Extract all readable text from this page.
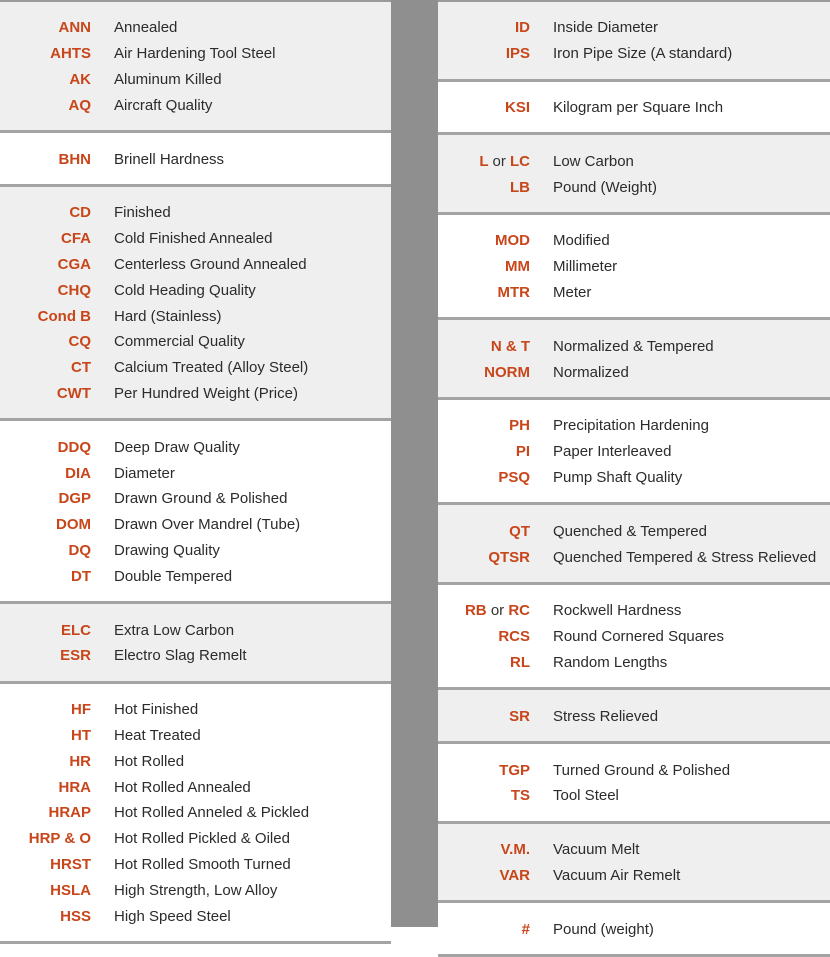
ANN Annealed
AHTS Air Hardening Tool Steel
AK Aluminum Killed
AQ Aircraft Quality
BHN Brinell Hardness
CD Finished
CFA Cold Finished Annealed
CGA Centerless Ground Annealed
CHQ Cold Heading Quality
Cond B Hard (Stainless)
CQ Commercial Quality
CT Calcium Treated (Alloy Steel)
CWT Per Hundred Weight (Price)
DDQ Deep Draw Quality
DIA Diameter
DGP Drawn Ground & Polished
DOM Drawn Over Mandrel (Tube)
DQ Drawing Quality
DT Double Tempered
ELC Extra Low Carbon
ESR Electro Slag Remelt
HF Hot Finished
HT Heat Treated
HR Hot Rolled
HRA Hot Rolled Annealed
HRAP Hot Rolled Anneled & Pickled
HRP & O Hot Rolled Pickled & Oiled
HRST Hot Rolled Smooth Turned
HSLA High Strength, Low Alloy
HSS High Speed Steel
ID Inside Diameter
IPS Iron Pipe Size (A standard)
KSI Kilogram per Square Inch
L or LC Low Carbon
LB Pound (Weight)
MOD Modified
MM Millimeter
MTR Meter
N & T Normalized & Tempered
NORM Normalized
PH Precipitation Hardening
PI Paper Interleaved
PSQ Pump Shaft Quality
QT Quenched & Tempered
QTSR Quenched Tempered & Stress Relieved
RB or RC Rockwell Hardness
RCS Round Cornered Squares
RL Random Lengths
SR Stress Relieved
TGP Turned Ground & Polished
TS Tool Steel
V.M. Vacuum Melt
VAR Vacuum Air Remelt
# Pound (weight)
